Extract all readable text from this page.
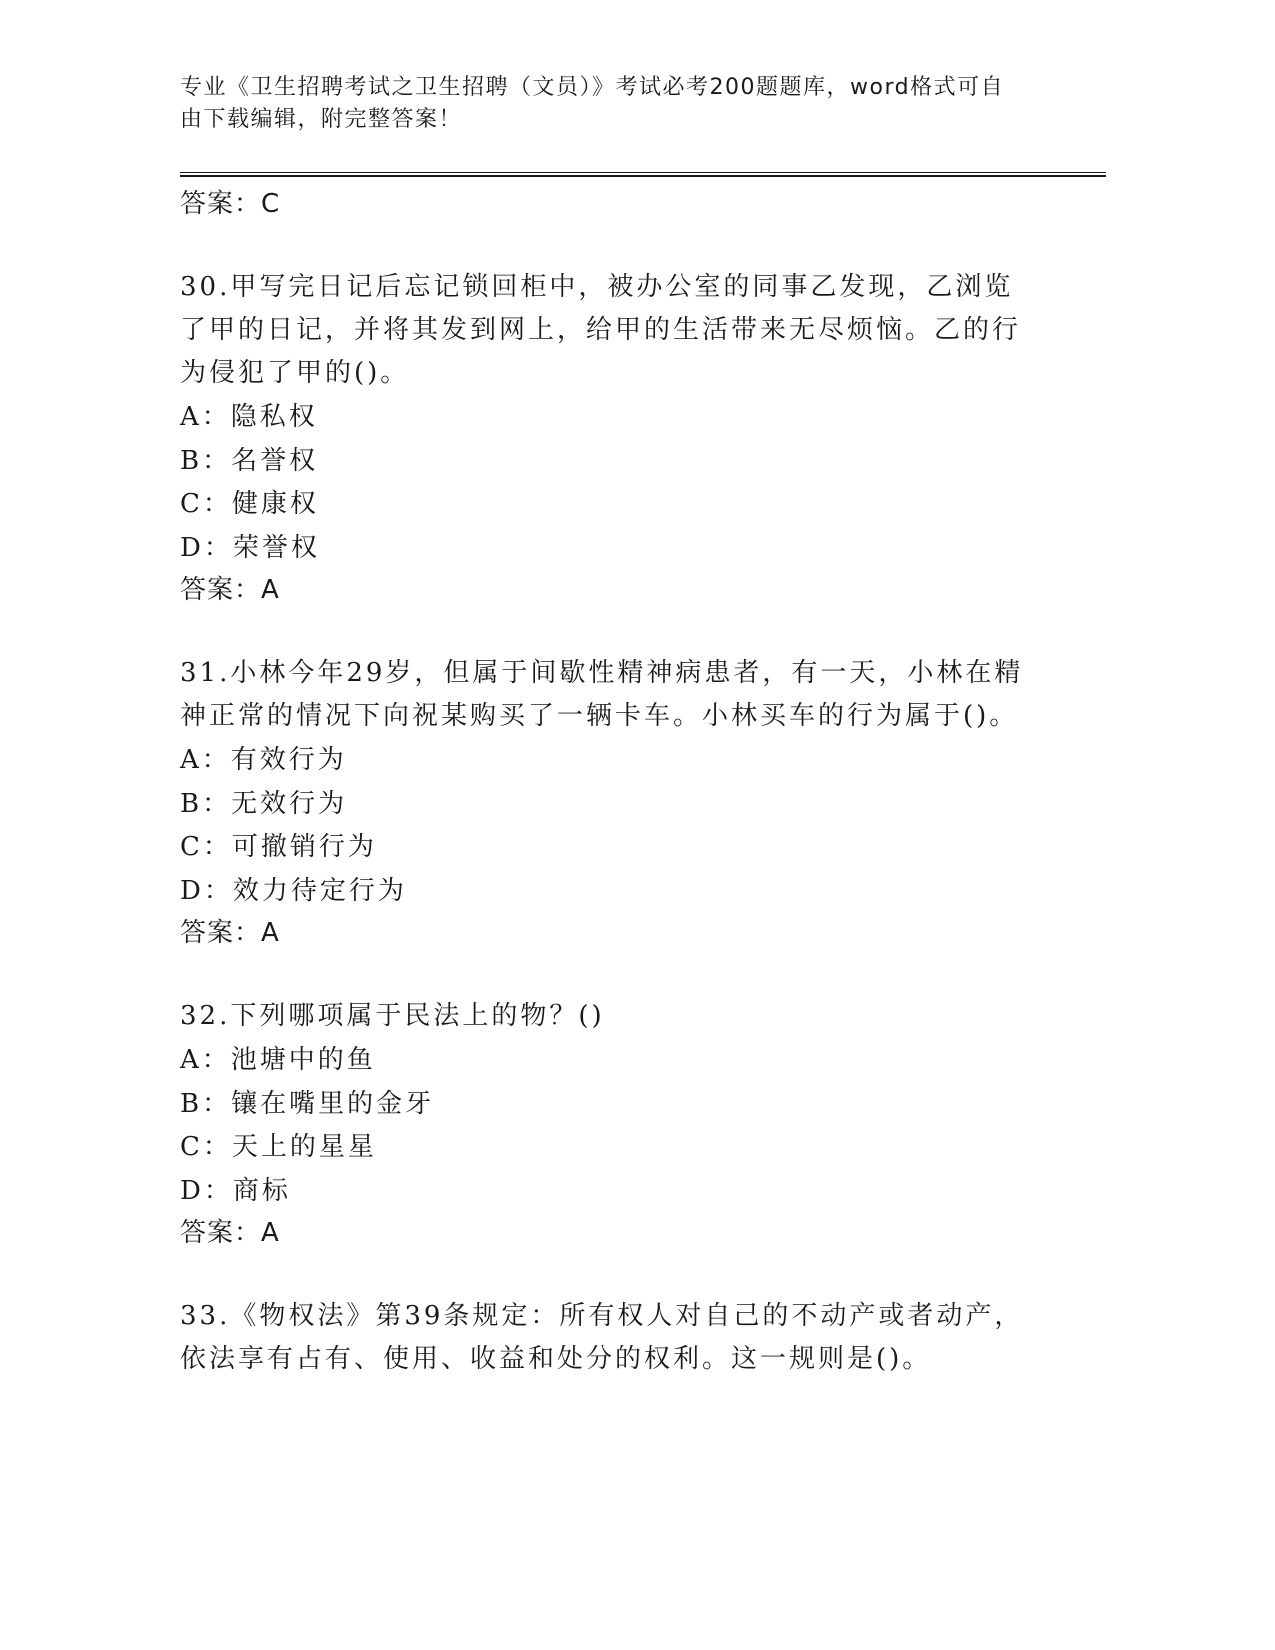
专业《卫生招聘考试之卫生招聘（文员）》考试必考200题题库，word格式可自
由下载编辑，附完整答案！
答案：C
30.甲写完日记后忘记锁回柜中，被办公室的同事乙发现，乙浏览了甲的日记，并将其发到网上，给甲的生活带来无尽烦恼。乙的行为侵犯了甲的()。
A：隐私权
B：名誉权
C：健康权
D：荣誉权
答案：A
31.小林今年29岁，但属于间歇性精神病患者，有一天，小林在精神正常的情况下向祝某购买了一辆卡车。小林买车的行为属于()。
A：有效行为
B：无效行为
C：可撤销行为
D：效力待定行为
答案：A
32.下列哪项属于民法上的物？()
A：池塘中的鱼
B：镶在嘴里的金牙
C：天上的星星
D：商标
答案：A
33.《物权法》第39条规定：所有权人对自己的不动产或者动产，依法享有占有、使用、收益和处分的权利。这一规则是()。
